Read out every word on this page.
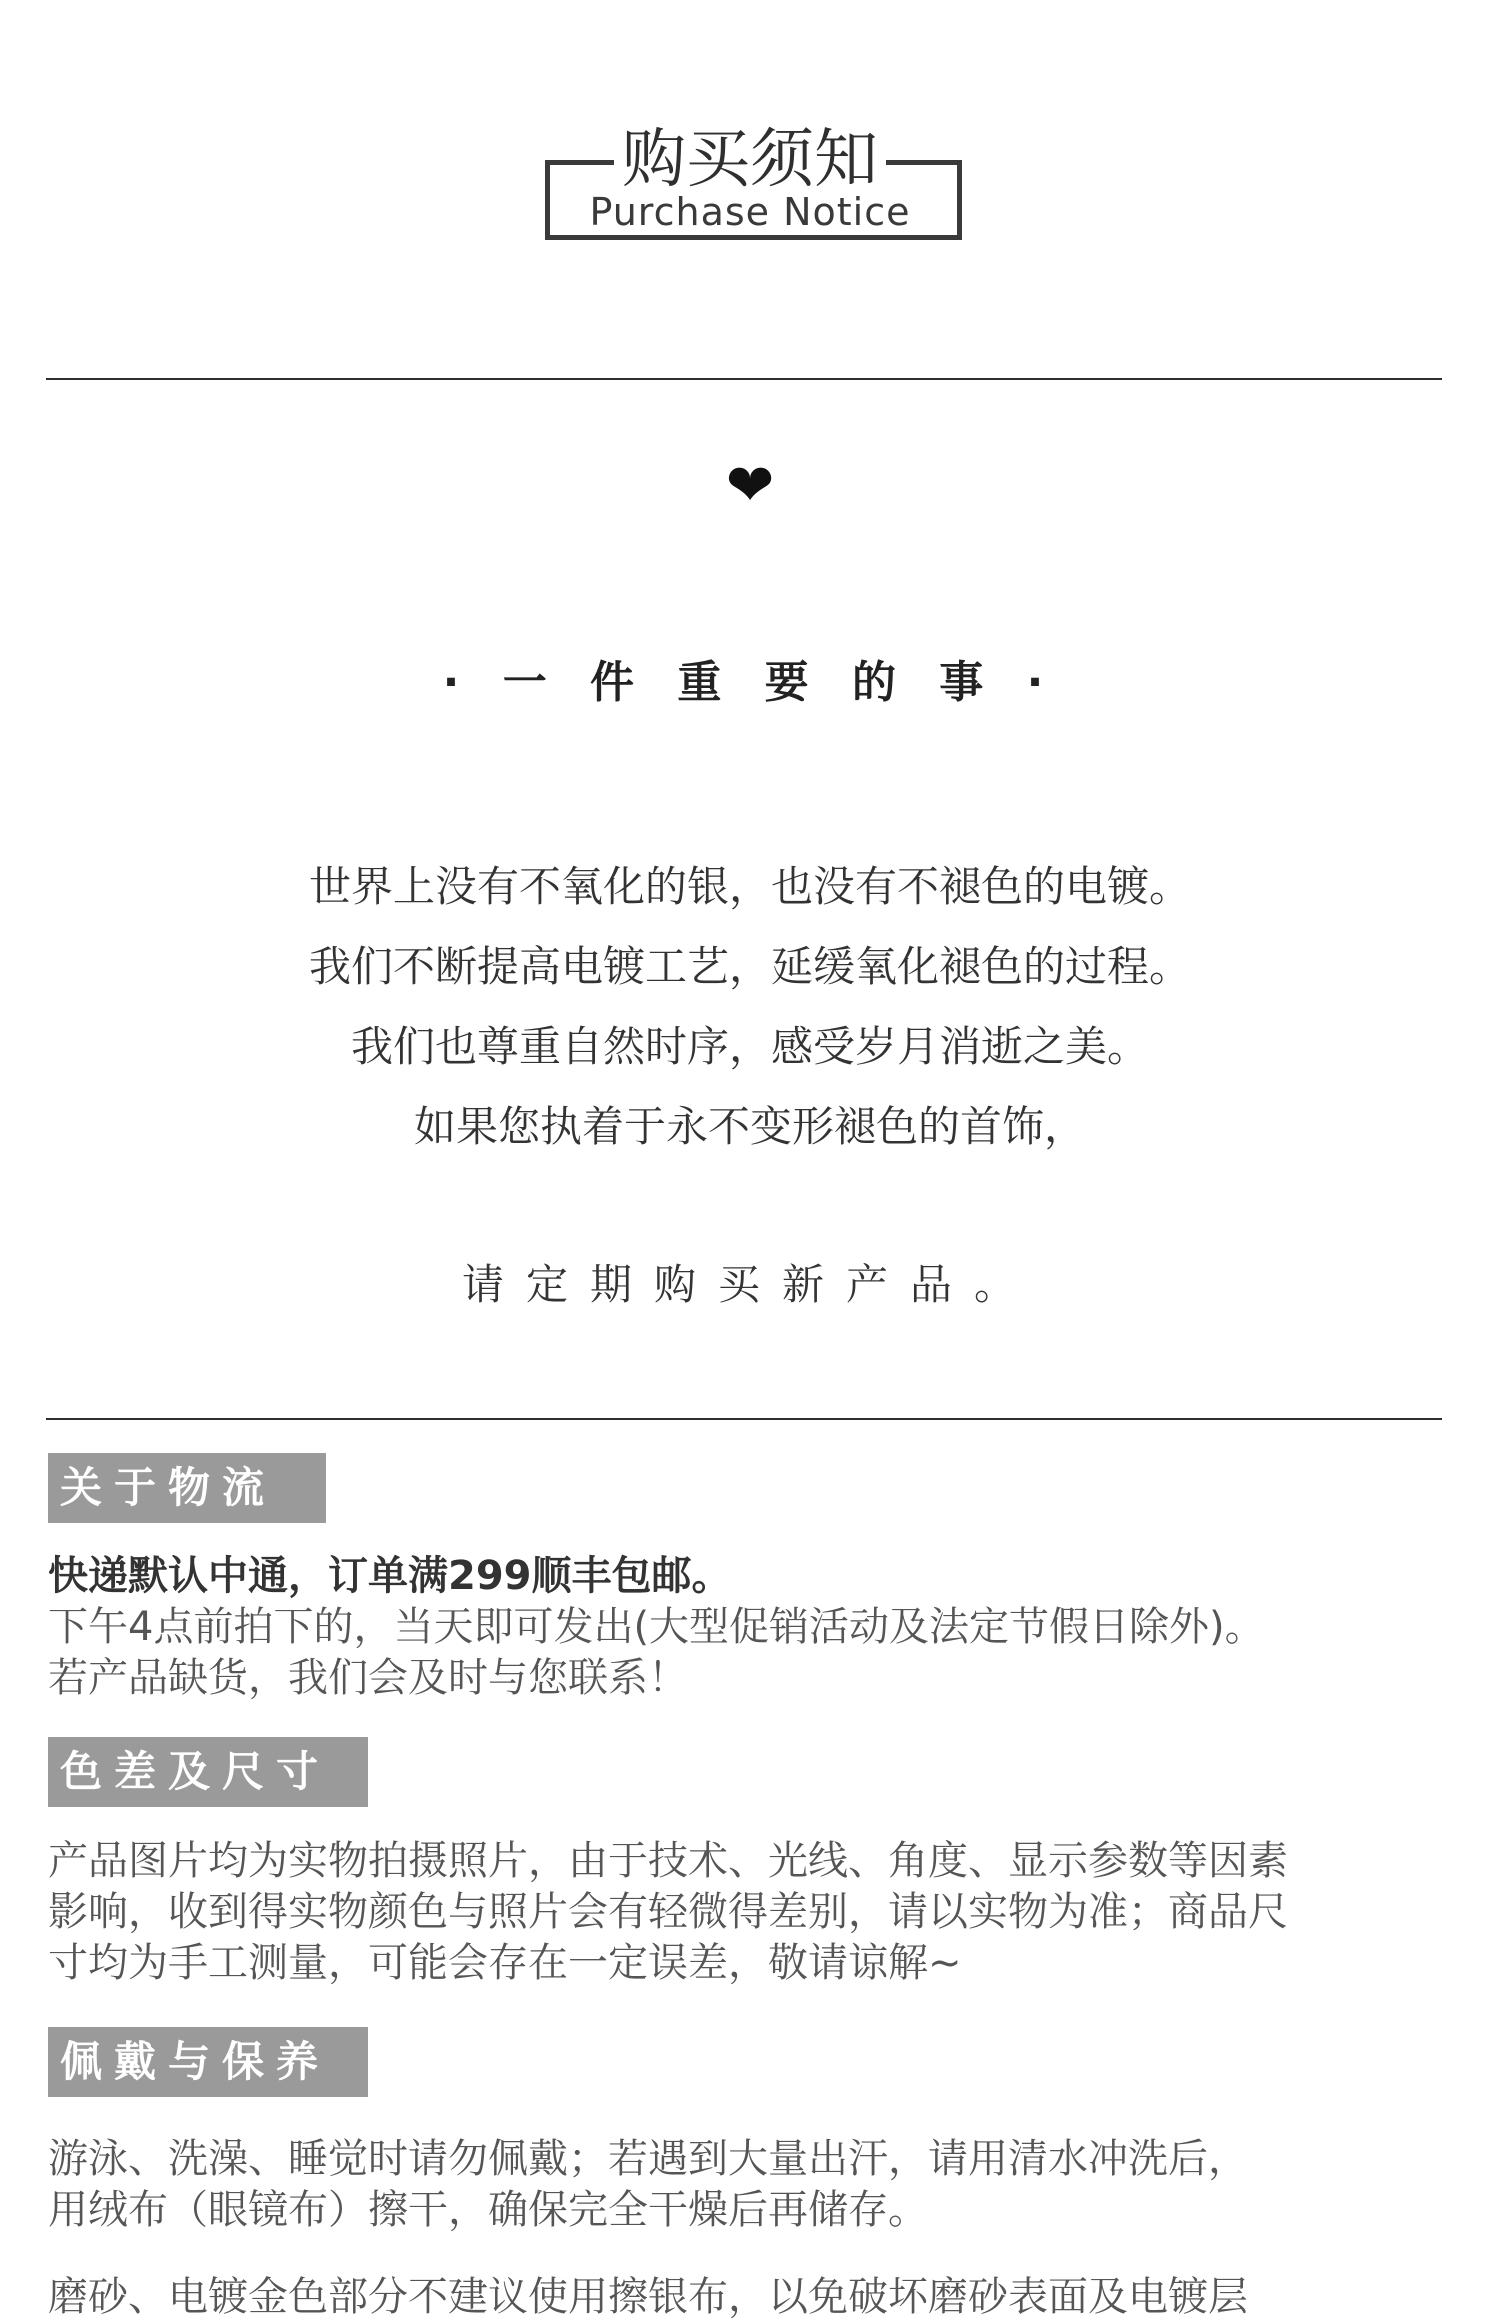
购买须知
Purchase Notice
❤
· 一 件 重 要 的 事 ·
世界上没有不氧化的银，也没有不褪色的电镀。
我们不断提高电镀工艺，延缓氧化褪色的过程。
我们也尊重自然时序，感受岁月消逝之美。
如果您执着于永不变形褪色的首饰，
请定期购买新产品。
关于物流
快递默认中通，订单满299顺丰包邮。
下午4点前拍下的，当天即可发出(大型促销活动及法定节假日除外)。
若产品缺货，我们会及时与您联系！
色差及尺寸
产品图片均为实物拍摄照片，由于技术、光线、角度、显示参数等因素
影响，收到得实物颜色与照片会有轻微得差别，请以实物为准；商品尺
寸均为手工测量，可能会存在一定误差，敬请谅解~
佩戴与保养
游泳、洗澡、睡觉时请勿佩戴；若遇到大量出汗，请用清水冲洗后，
用绒布（眼镜布）擦干，确保完全干燥后再储存。
磨砂、电镀金色部分不建议使用擦银布，以免破坏磨砂表面及电镀层
